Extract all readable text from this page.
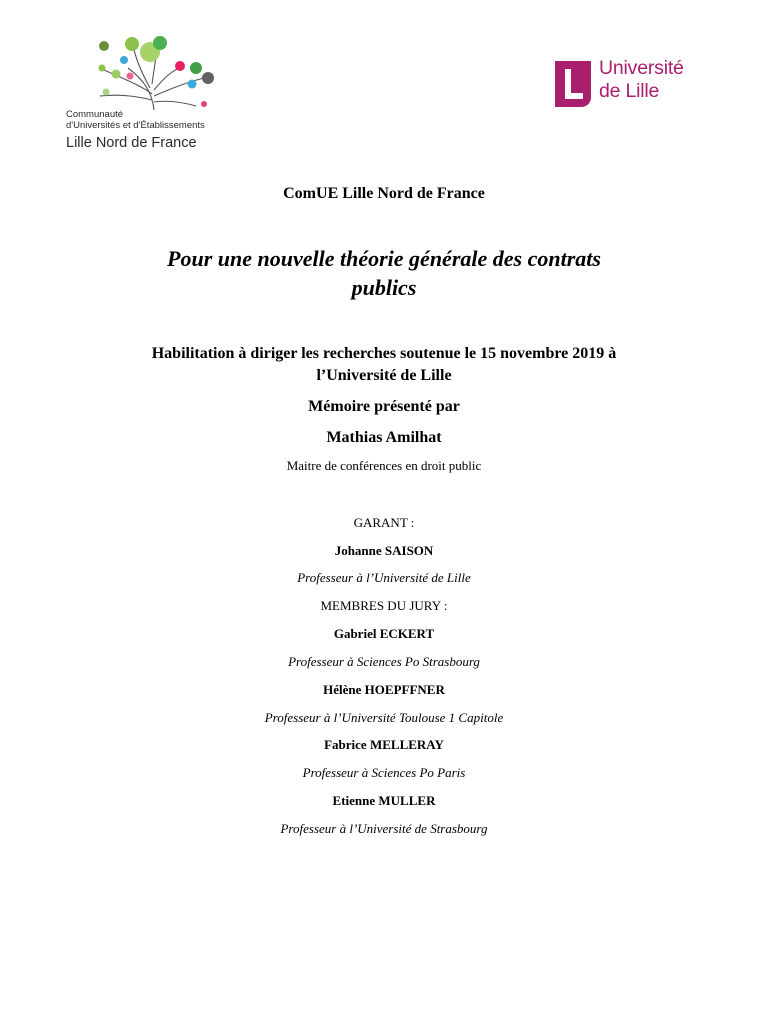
Communauté
d'Universités et d'Établissements
Lille Nord de France
Université
de Lille
ComUE Lille Nord de France
Pour une nouvelle théorie générale des contrats
publics
Habilitation à diriger les recherches soutenue le 15 novembre 2019 à
l’Université de Lille
Mémoire présenté par
Mathias Amilhat
Maitre de conférences en droit public
GARANT :
Johanne SAISON
Professeur à l’Université de Lille
MEMBRES DU JURY :
Gabriel ECKERT
Professeur à Sciences Po Strasbourg
Hélène HOEPFFNER
Professeur à l’Université Toulouse 1 Capitole
Fabrice MELLERAY
Professeur à Sciences Po Paris
Etienne MULLER
Professeur à l’Université de Strasbourg
